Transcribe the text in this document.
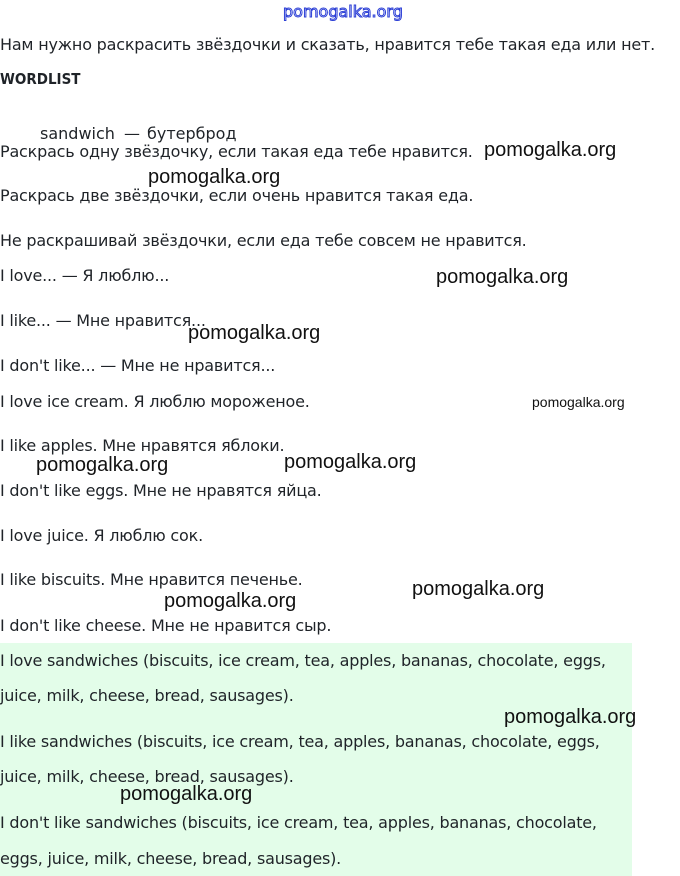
pomogalka.org
Нам нужно раскрасить звёздочки и сказать, нравится тебе такая еда или нет.
WORDLIST
sandwich — бутерброд
Раскрась одну звёздочку, если такая еда тебе нравится.
Раскрась две звёздочки, если очень нравится такая еда.
Не раскрашивай звёздочки, если еда тебе совсем не нравится.
I love... — Я люблю...
I like... — Мне нравится...
I don't like... — Мне не нравится...
I love ice cream. Я люблю мороженое.
I like apples. Мне нравятся яблоки.
I don't like eggs. Мне не нравятся яйца.
I love juice. Я люблю сок.
I like biscuits. Мне нравится печенье.
I don't like cheese. Мне не нравится сыр.
I love sandwiches (biscuits, ice cream, tea, apples, bananas, chocolate, eggs,
juice, milk, cheese, bread, sausages).
I like sandwiches (biscuits, ice cream, tea, apples, bananas, chocolate, eggs,
juice, milk, cheese, bread, sausages).
I don't like sandwiches (biscuits, ice cream, tea, apples, bananas, chocolate,
eggs, juice, milk, cheese, bread, sausages).
pomogalka.org
pomogalka.org
pomogalka.org
pomogalka.org
pomogalka.org
pomogalka.org	pomogalka.org
pomogalka.org
pomogalka.org
pomogalka.org
pomogalka.org
